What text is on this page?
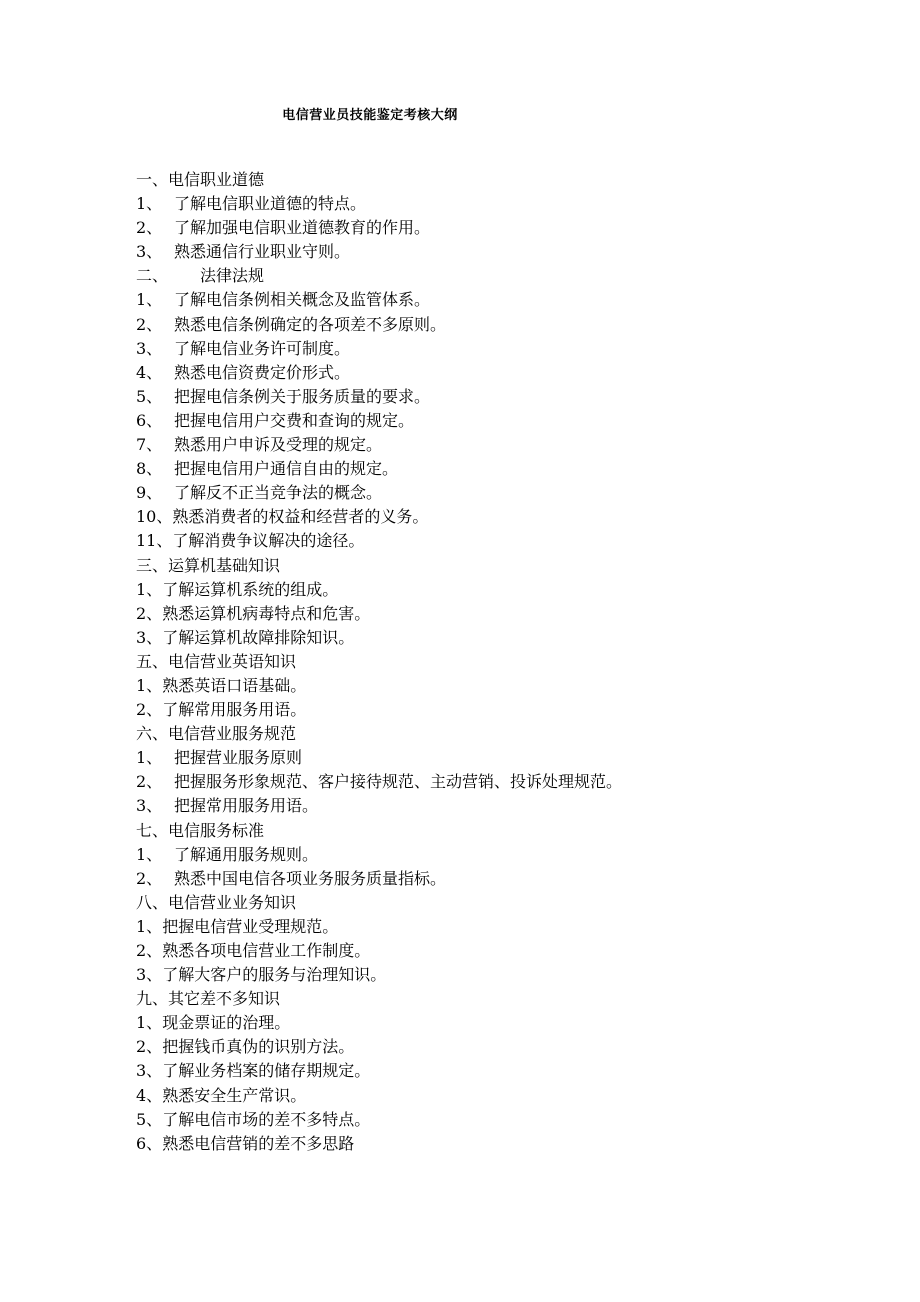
电信营业员技能鉴定考核大纲
一、 电信职业道德
1、 了解电信职业道德的特点。
2、 了解加强电信职业道德教育的作用。
3、 熟悉通信行业职业守则。
二、	法律法规
1、 了解电信条例相关概念及监管体系。
2、 熟悉电信条例确定的各项差不多原则。
3、 了解电信业务许可制度。
4、 熟悉电信资费定价形式。
5、 把握电信条例关于服务质量的要求。
6、 把握电信用户交费和查询的规定。
7、 熟悉用户申诉及受理的规定。
8、 把握电信用户通信自由的规定。
9、 了解反不正当竞争法的概念。
10、 熟悉消费者的权益和经营者的义务。
11、 了解消费争议解决的途径。
三、 运算机基础知识
1、 了解运算机系统的组成。
2、 熟悉运算机病毒特点和危害。
3、 了解运算机故障排除知识。
五、 电信营业英语知识
1、 熟悉英语口语基础。
2、 了解常用服务用语。
六、 电信营业服务规范
1、 把握营业服务原则
2、 把握服务形象规范、客户接待规范、主动营销、投诉处理规范。
3、 把握常用服务用语。
七、 电信服务标准
1、 了解通用服务规则。
2、 熟悉中国电信各项业务服务质量指标。
八、 电信营业业务知识
1、 把握电信营业受理规范。
2、 熟悉各项电信营业工作制度。
3、 了解大客户的服务与治理知识。
九、 其它差不多知识
1、 现金票证的治理。
2、 把握钱币真伪的识别方法。
3、 了解业务档案的储存期规定。
4、 熟悉安全生产常识。
5、 了解电信市场的差不多特点。
6、 熟悉电信营销的差不多思路
